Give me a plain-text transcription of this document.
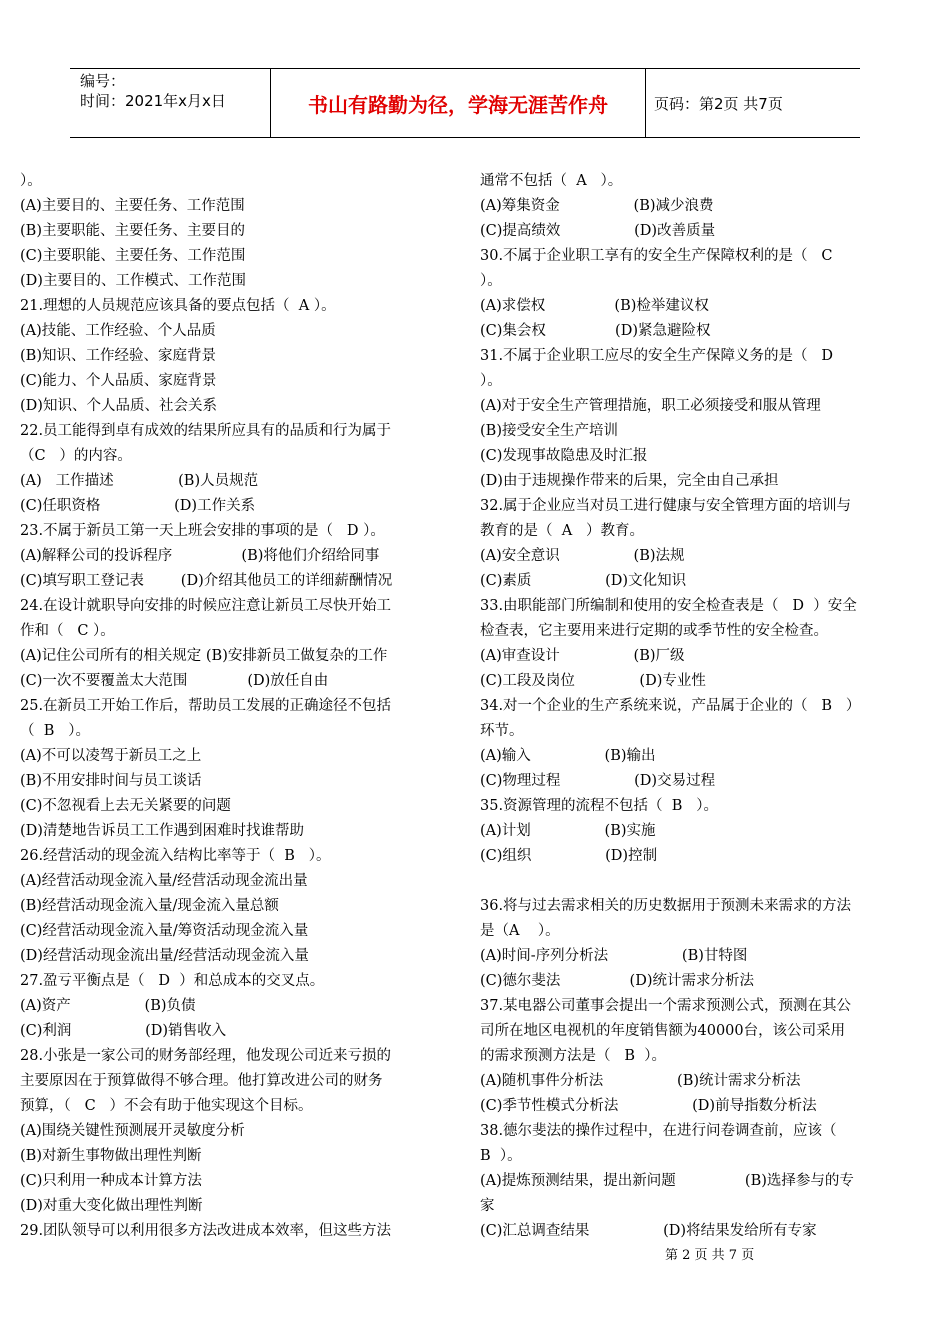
编号：
时间：2021年x月x日	书山有路勤为径，学海无涯苦作舟	页码：第2页 共7页
）。
(A)主要目的、主要任务、工作范围
(B)主要职能、主要任务、主要目的
(C)主要职能、主要任务、工作范围
(D)主要目的、工作模式、工作范围
21.理想的人员规范应该具备的要点包括（  A ）。
(A)技能、工作经验、个人品质
(B)知识、工作经验、家庭背景
(C)能力、个人品质、家庭背景
(D)知识、个人品质、社会关系
22.员工能得到卓有成效的结果所应具有的品质和行为属于
（C   ）的内容。
(A)   工作描述              (B)人员规范
(C)任职资格                (D)工作关系
23.不属于新员工第一天上班会安排的事项的是（   D ）。
(A)解释公司的投诉程序               (B)将他们介绍给同事
(C)填写职工登记表        (D)介绍其他员工的详细薪酬情况
24.在设计就职导向安排的时候应注意让新员工尽快开始工
作和（   C ）。
(A)记住公司所有的相关规定 (B)安排新员工做复杂的工作
(C)一次不要覆盖太大范围             (D)放任自由
25.在新员工开始工作后，帮助员工发展的正确途径不包括
（  B   ）。
(A)不可以凌驾于新员工之上
(B)不用安排时间与员工谈话
(C)不忽视看上去无关紧要的问题
(D)清楚地告诉员工工作遇到困难时找谁帮助
26.经营活动的现金流入结构比率等于（  B   ）。
(A)经营活动现金流入量/经营活动现金流出量
(B)经营活动现金流入量/现金流入量总额
(C)经营活动现金流入量/筹资活动现金流入量
(D)经营活动现金流出量/经营活动现金流入量
27.盈亏平衡点是（   D  ）和总成本的交叉点。
(A)资产                (B)负债
(C)利润                (D)销售收入
28.小张是一家公司的财务部经理，他发现公司近来亏损的
主要原因在于预算做得不够合理。他打算改进公司的财务
预算，（   C   ）不会有助于他实现这个目标。
(A)围绕关键性预测展开灵敏度分析
(B)对新生事物做出理性判断
(C)只利用一种成本计算方法
(D)对重大变化做出理性判断
29.团队领导可以利用很多方法改进成本效率，但这些方法
通常不包括（  A   ）。
(A)筹集资金                (B)减少浪费
(C)提高绩效                (D)改善质量
30.不属于企业职工享有的安全生产保障权利的是（   C
）。
(A)求偿权               (B)检举建议权
(C)集会权               (D)紧急避险权
31.不属于企业职工应尽的安全生产保障义务的是（   D
）。
(A)对于安全生产管理措施，职工必须接受和服从管理
(B)接受安全生产培训
(C)发现事故隐患及时汇报
(D)由于违规操作带来的后果，完全由自己承担
32.属于企业应当对员工进行健康与安全管理方面的培训与
教育的是（  A   ）教育。
(A)安全意识                (B)法规
(C)素质                (D)文化知识
33.由职能部门所编制和使用的安全检查表是（   D  ）安全
检查表，它主要用来进行定期的或季节性的安全检查。
(A)审查设计                (B)厂级
(C)工段及岗位              (D)专业性
34.对一个企业的生产系统来说，产品属于企业的（   B   ）
环节。
(A)输入                (B)输出
(C)物理过程                (D)交易过程
35.资源管理的流程不包括（  B   ）。
(A)计划                (B)实施
(C)组织                (D)控制
36.将与过去需求相关的历史数据用于预测未来需求的方法
是（A    ）。
(A)时间-序列分析法                (B)甘特图
(C)德尔斐法               (D)统计需求分析法
37.某电器公司董事会提出一个需求预测公式，预测在其公
司所在地区电视机的年度销售额为40000台，该公司采用
的需求预测方法是（   B  ）。
(A)随机事件分析法                (B)统计需求分析法
(C)季节性模式分析法                (D)前导指数分析法
38.德尔斐法的操作过程中，在进行问卷调查前，应该（
B  ）。
(A)提炼预测结果，提出新问题               (B)选择参与的专
家
(C)汇总调查结果                (D)将结果发给所有专家
第 2 页 共 7 页
